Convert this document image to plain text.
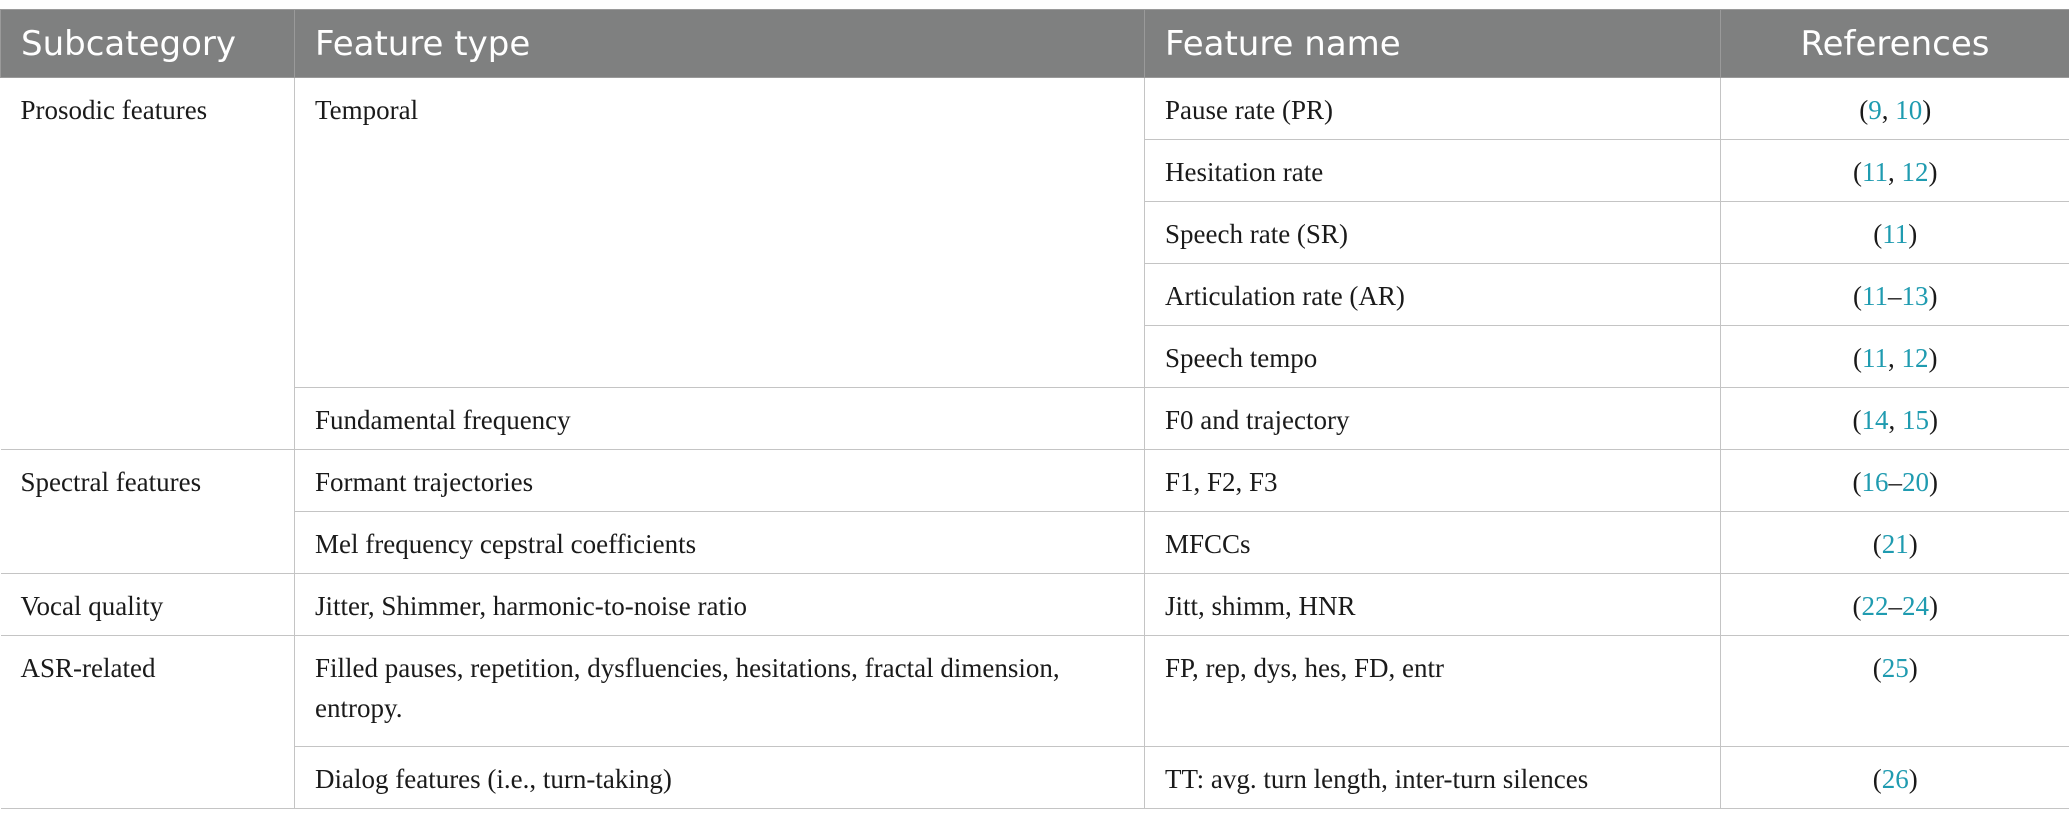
Subcategory	Feature type	Feature name	References
Prosodic features	Temporal	Pause rate (PR)	(9, 10)
		Hesitation rate	(11, 12)
		Speech rate (SR)	(11)
		Articulation rate (AR)	(11–13)
		Speech tempo	(11, 12)
	Fundamental frequency	F0 and trajectory	(14, 15)
Spectral features	Formant trajectories	F1, F2, F3	(16–20)
	Mel frequency cepstral coefficients	MFCCs	(21)
Vocal quality	Jitter, Shimmer, harmonic-to-noise ratio	Jitt, shimm, HNR	(22–24)
ASR-related	Filled pauses, repetition, dysfluencies, hesitations, fractal dimension, entropy.	FP, rep, dys, hes, FD, entr	(25)
	Dialog features (i.e., turn-taking)	TT: avg. turn length, inter-turn silences	(26)
